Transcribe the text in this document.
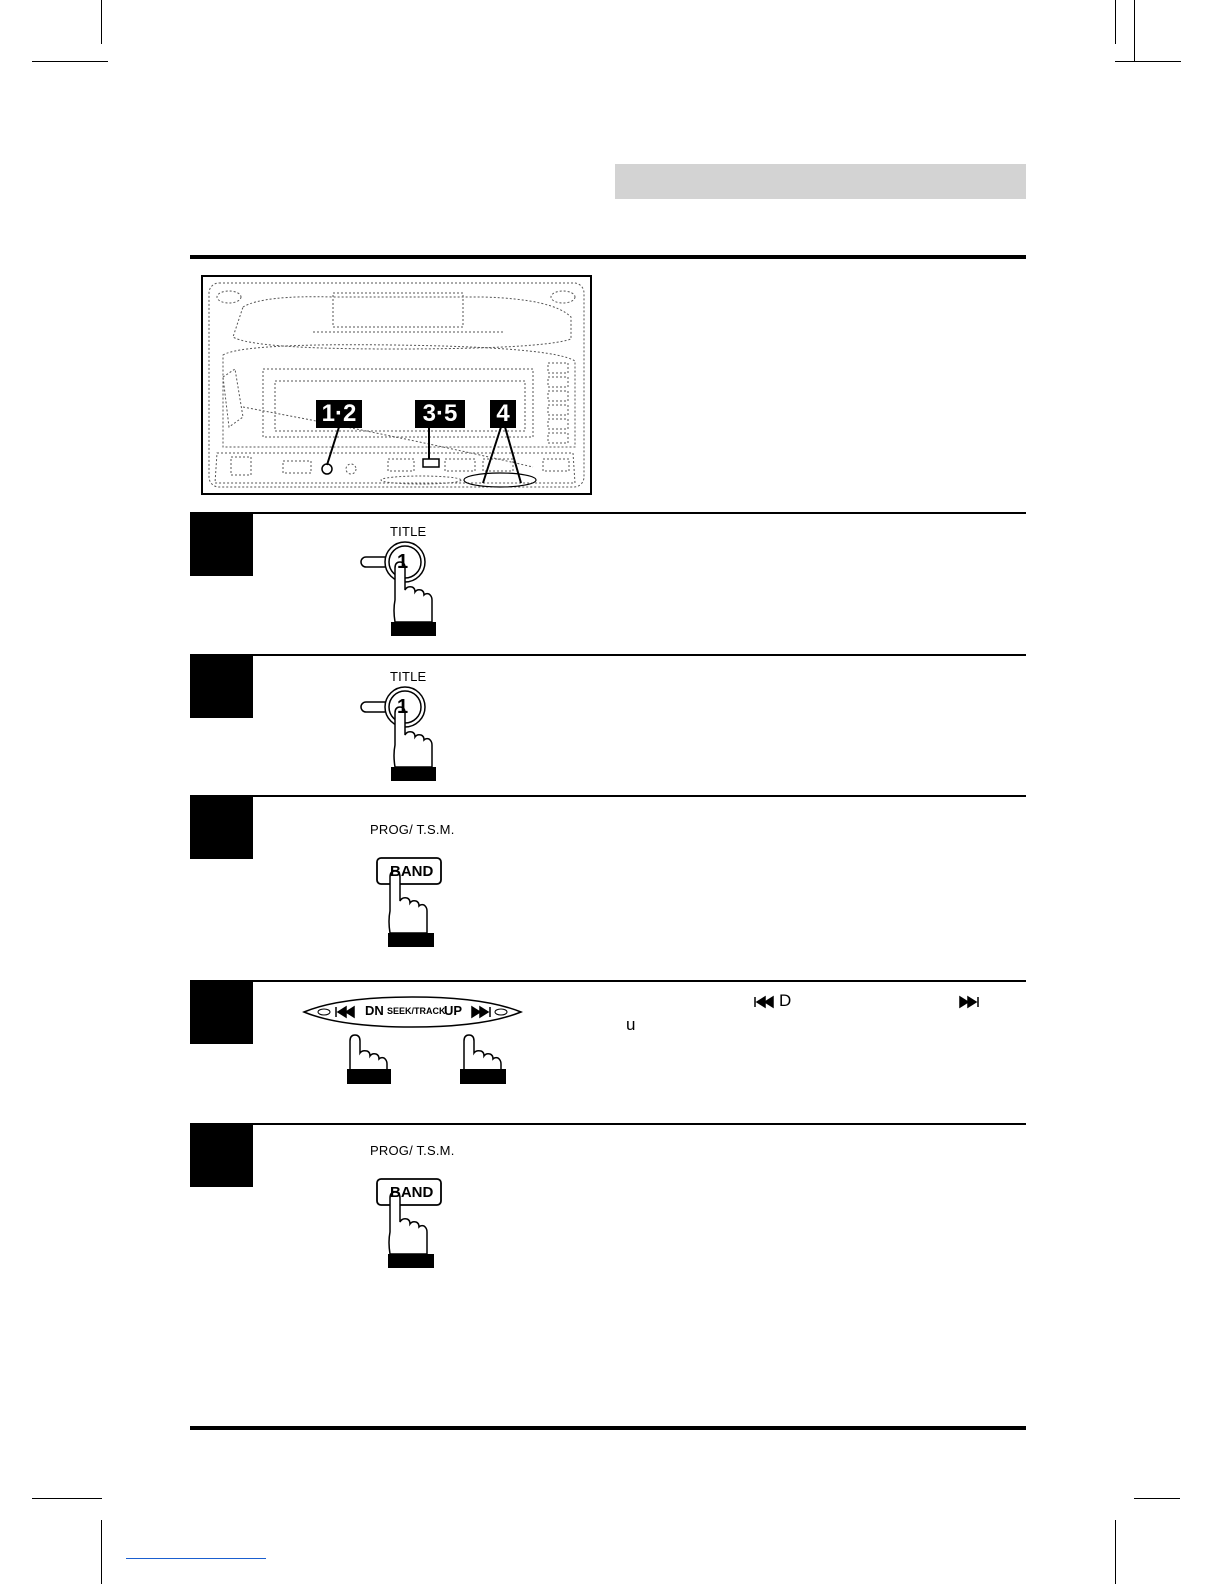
1·2	3·5	4
TITLE
1
TITLE
1
PROG/ T.S.M.
BAND
DN SEEK/TRACK
UP
D
u
PROG/ T.S.M.
BAND
